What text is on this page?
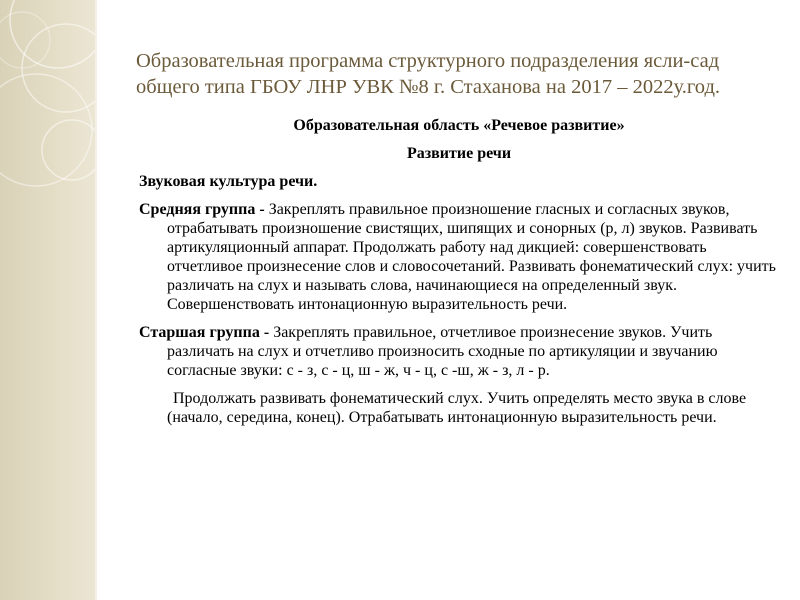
Образовательная программа структурного подразделения ясли-сад общего типа ГБОУ ЛНР УВК №8 г. Стаханова на 2017 – 2022у.год.

Образовательная область «Речевое развитие»

Развитие речи

Звуковая культура речи.

Средняя группа - Закреплять правильное произношение гласных и согласных звуков, отрабатывать произношение свистящих, шипящих и сонорных (р, л) звуков. Развивать артикуляционный аппарат. Продолжать работу над дикцией: совершенствовать отчетливое произнесение слов и словосочетаний. Развивать фонематический слух: учить различать на слух и называть слова, начинающиеся на определенный звук. Совершенствовать интонационную выразительность речи.

Старшая группа - Закреплять правильное, отчетливое произнесение звуков. Учить различать на слух и отчетливо произносить сходные по артикуляции и звучанию согласные звуки: с - з, с - ц, ш - ж, ч - ц, с -ш, ж - з, л - р.

Продолжать развивать фонематический слух. Учить определять место звука в слове (начало, середина, конец). Отрабатывать интонационную выразительность речи.
